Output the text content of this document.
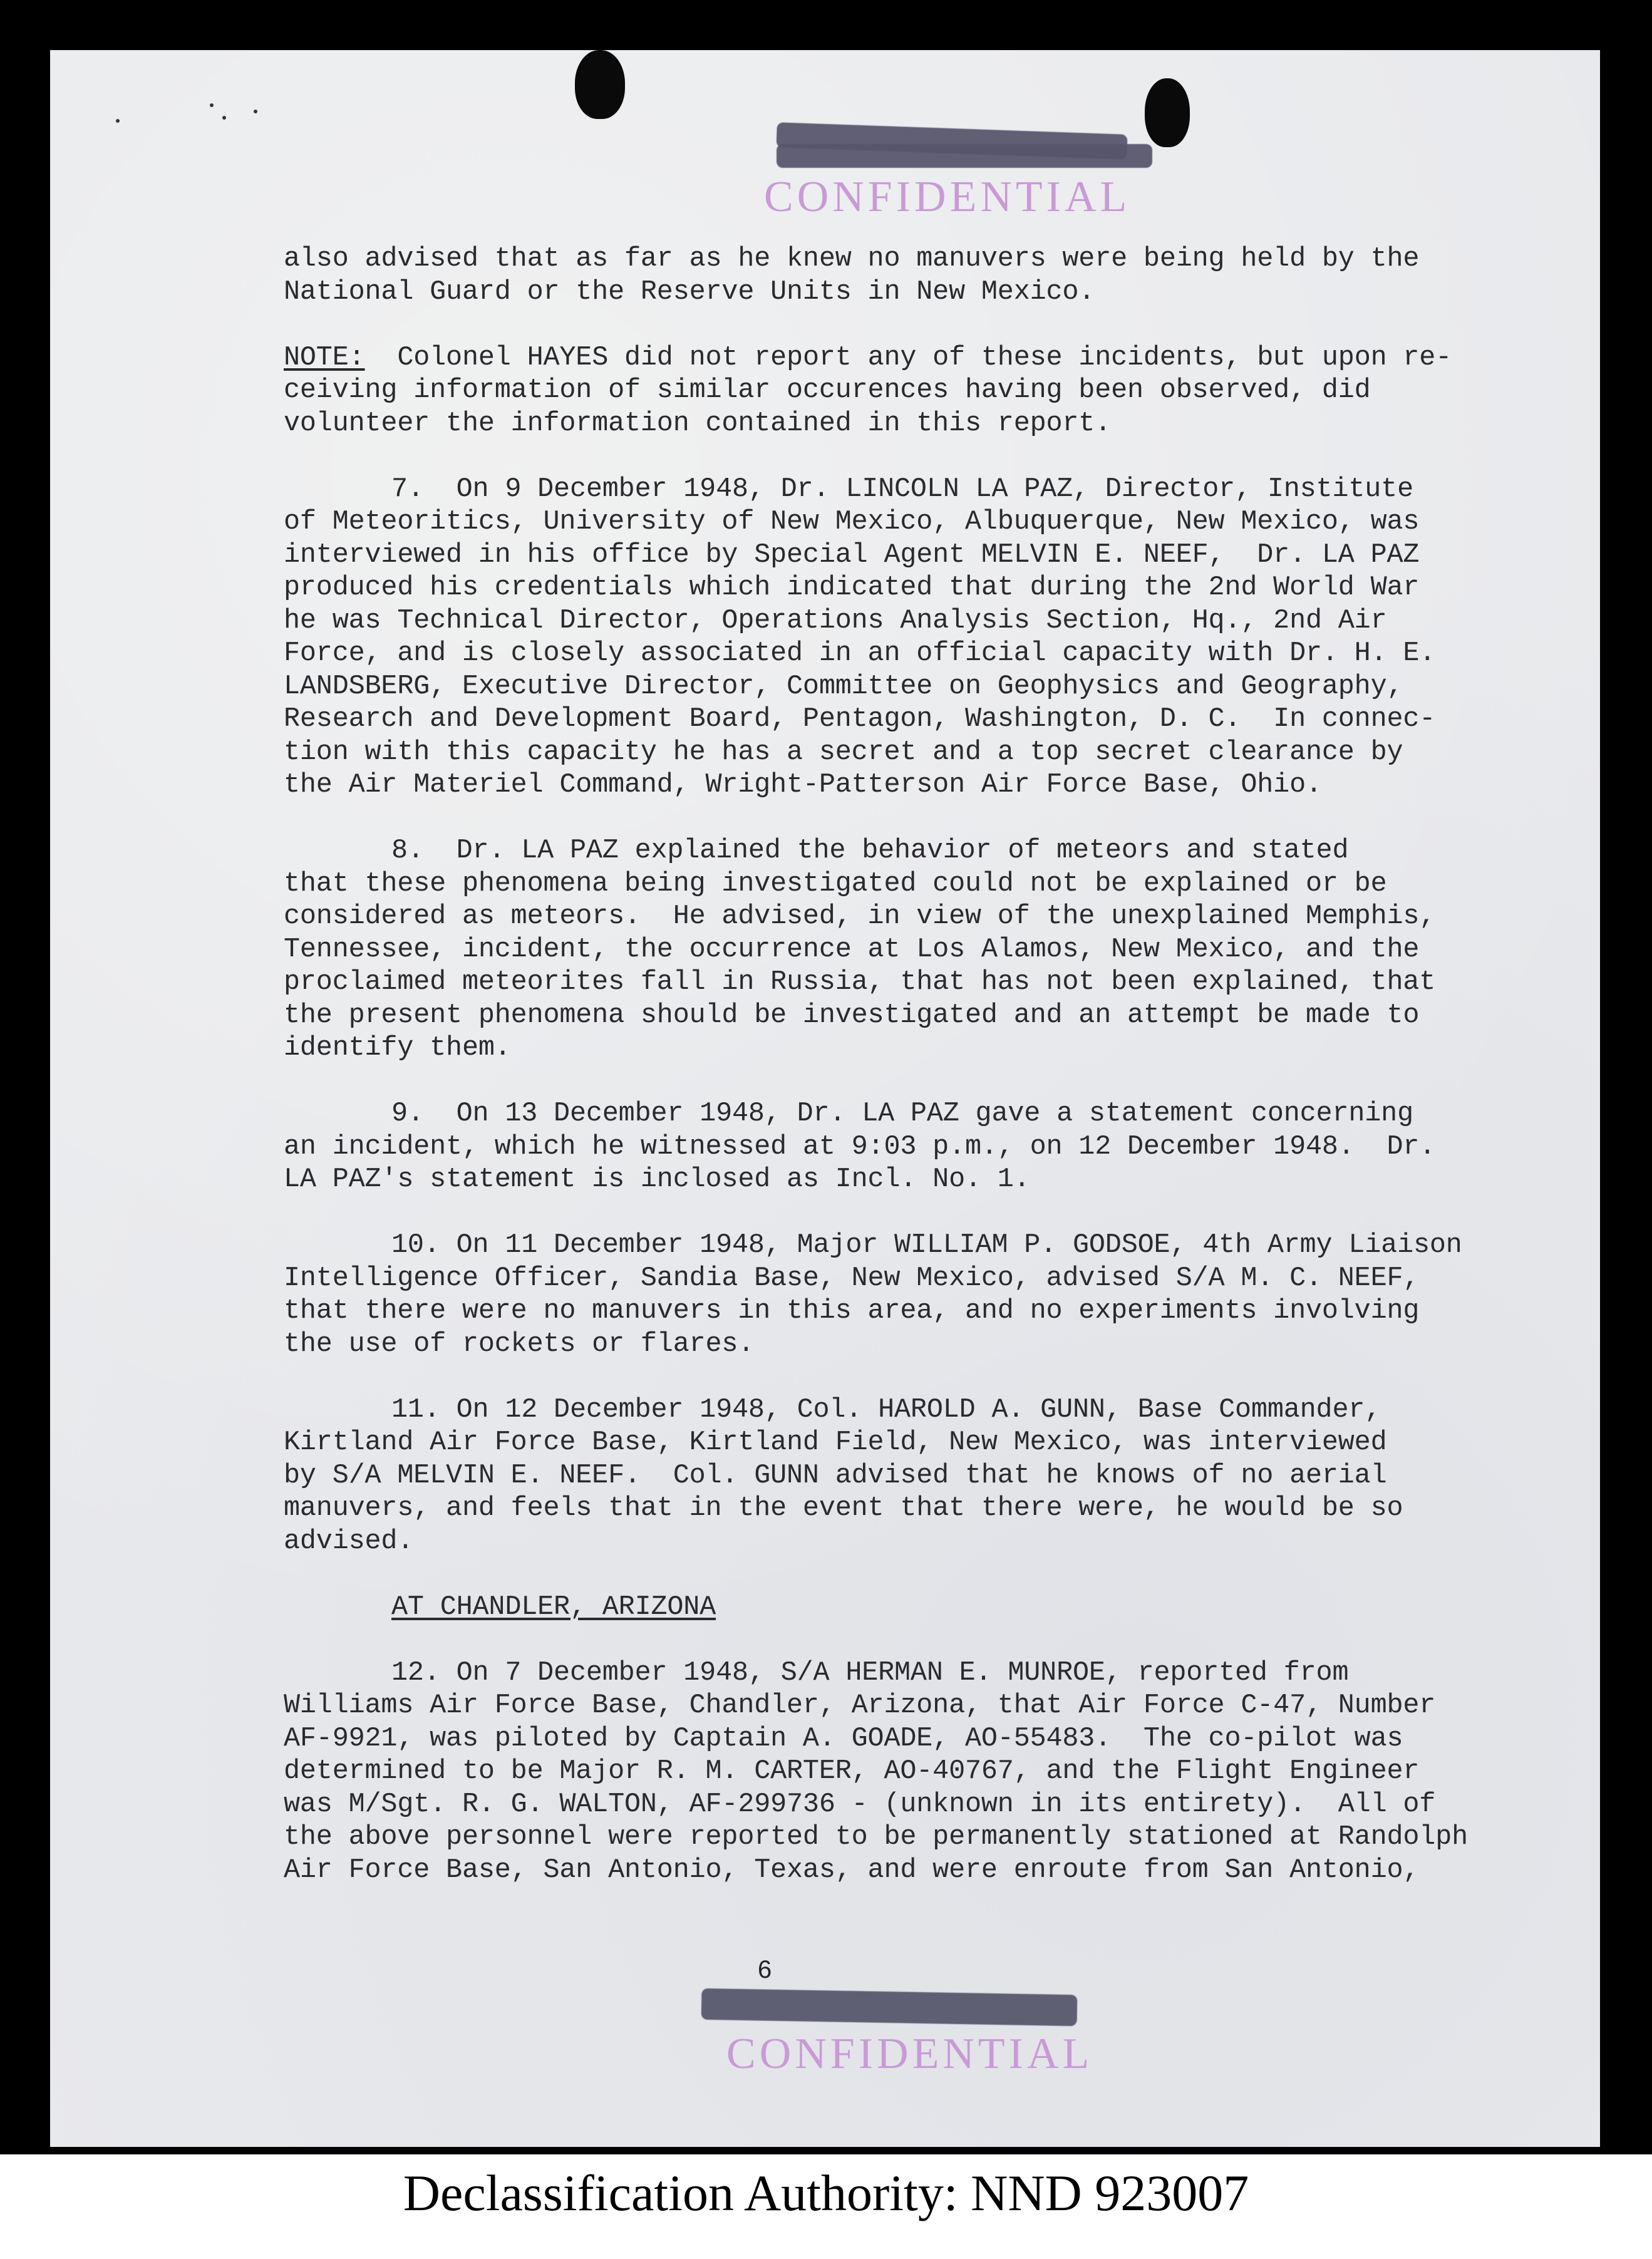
CONFIDENTIAL
also advised that as far as he knew no manuvers were being held by the
National Guard or the Reserve Units in New Mexico.
NOTE:  Colonel HAYES did not report any of these incidents, but upon re-
ceiving information of similar occurences having been observed, did
volunteer the information contained in this report.
7.  On 9 December 1948, Dr. LINCOLN LA PAZ, Director, Institute
of Meteoritics, University of New Mexico, Albuquerque, New Mexico, was
interviewed in his office by Special Agent MELVIN E. NEEF,  Dr. LA PAZ
produced his credentials which indicated that during the 2nd World War
he was Technical Director, Operations Analysis Section, Hq., 2nd Air
Force, and is closely associated in an official capacity with Dr. H. E.
LANDSBERG, Executive Director, Committee on Geophysics and Geography,
Research and Development Board, Pentagon, Washington, D. C.  In connec-
tion with this capacity he has a secret and a top secret clearance by
the Air Materiel Command, Wright-Patterson Air Force Base, Ohio.
8.  Dr. LA PAZ explained the behavior of meteors and stated
that these phenomena being investigated could not be explained or be
considered as meteors.  He advised, in view of the unexplained Memphis,
Tennessee, incident, the occurrence at Los Alamos, New Mexico, and the
proclaimed meteorites fall in Russia, that has not been explained, that
the present phenomena should be investigated and an attempt be made to
identify them.
9.  On 13 December 1948, Dr. LA PAZ gave a statement concerning
an incident, which he witnessed at 9:03 p.m., on 12 December 1948.  Dr.
LA PAZ's statement is inclosed as Incl. No. 1.
10. On 11 December 1948, Major WILLIAM P. GODSOE, 4th Army Liaison
Intelligence Officer, Sandia Base, New Mexico, advised S/A M. C. NEEF,
that there were no manuvers in this area, and no experiments involving
the use of rockets or flares.
11. On 12 December 1948, Col. HAROLD A. GUNN, Base Commander,
Kirtland Air Force Base, Kirtland Field, New Mexico, was interviewed
by S/A MELVIN E. NEEF.  Col. GUNN advised that he knows of no aerial
manuvers, and feels that in the event that there were, he would be so
advised.
AT CHANDLER, ARIZONA
12. On 7 December 1948, S/A HERMAN E. MUNROE, reported from
Williams Air Force Base, Chandler, Arizona, that Air Force C-47, Number
AF-9921, was piloted by Captain A. GOADE, AO-55483.  The co-pilot was
determined to be Major R. M. CARTER, AO-40767, and the Flight Engineer
was M/Sgt. R. G. WALTON, AF-299736 - (unknown in its entirety).  All of
the above personnel were reported to be permanently stationed at Randolph
Air Force Base, San Antonio, Texas, and were enroute from San Antonio,
CONFIDENTIAL
6
Declassification Authority: NND 923007
